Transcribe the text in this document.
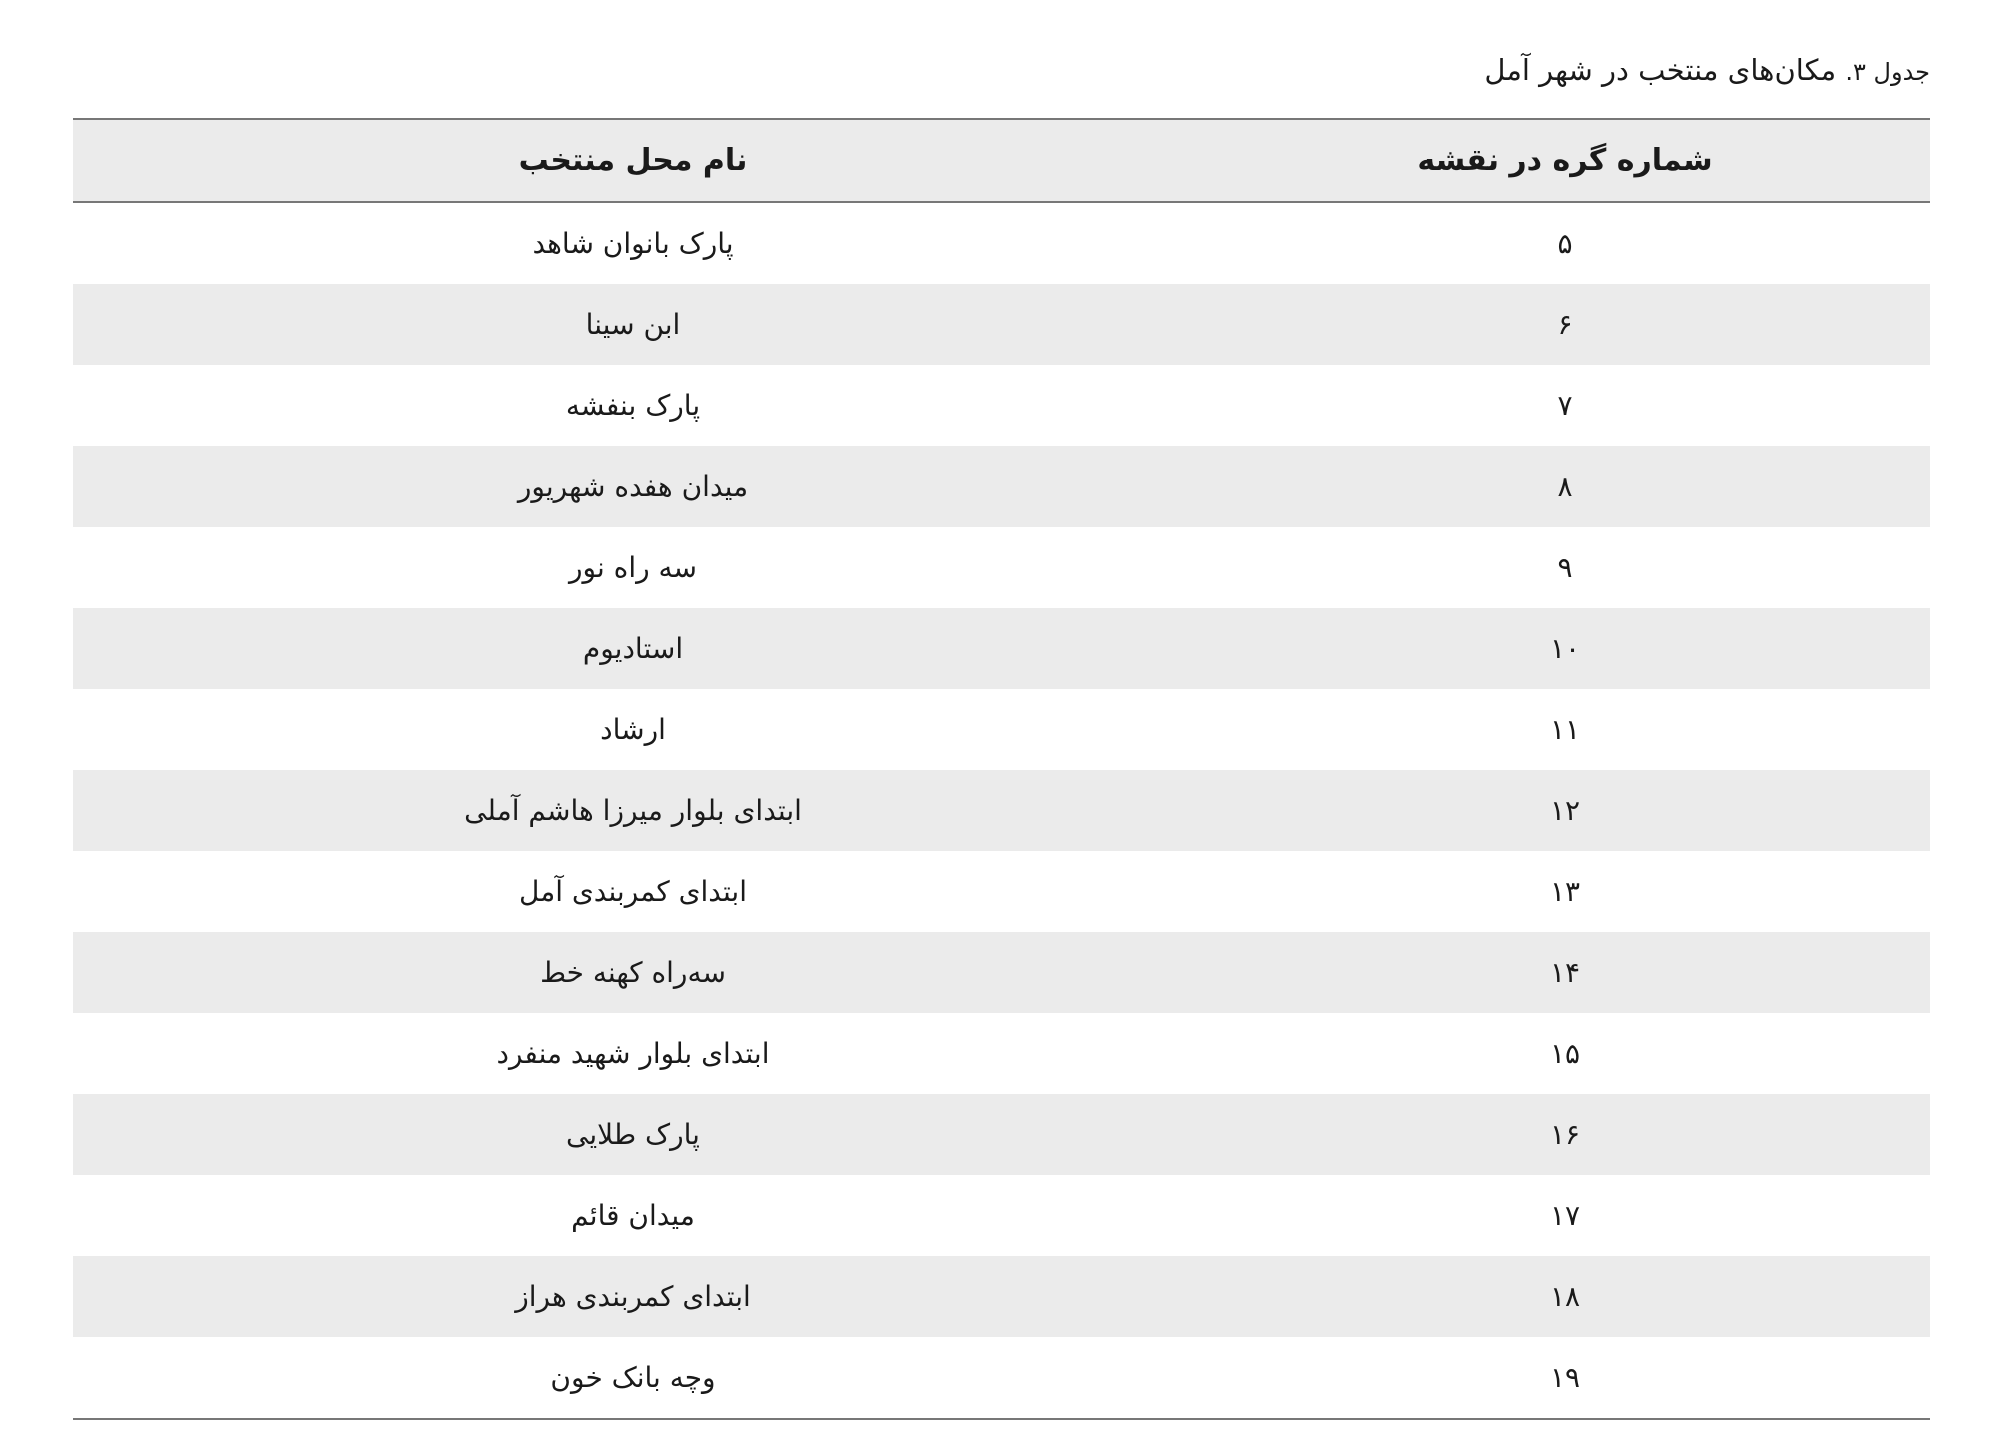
جدول ۳. مکان‌های منتخب در شهر آمل
شماره گره در نقشه
نام محل منتخب
۵
پارک بانوان شاهد
۶
ابن سینا
۷
پارک بنفشه
۸
میدان هفده شهریور
۹
سه راه نور
۱۰
استادیوم
۱۱
ارشاد
۱۲
ابتدای بلوار میرزا هاشم آملی
۱۳
ابتدای کمربندی آمل
۱۴
سه‌راه کهنه خط
۱۵
ابتدای بلوار شهید منفرد
۱۶
پارک طلایی
۱۷
میدان قائم
۱۸
ابتدای کمربندی هراز
۱۹
وچه بانک خون
